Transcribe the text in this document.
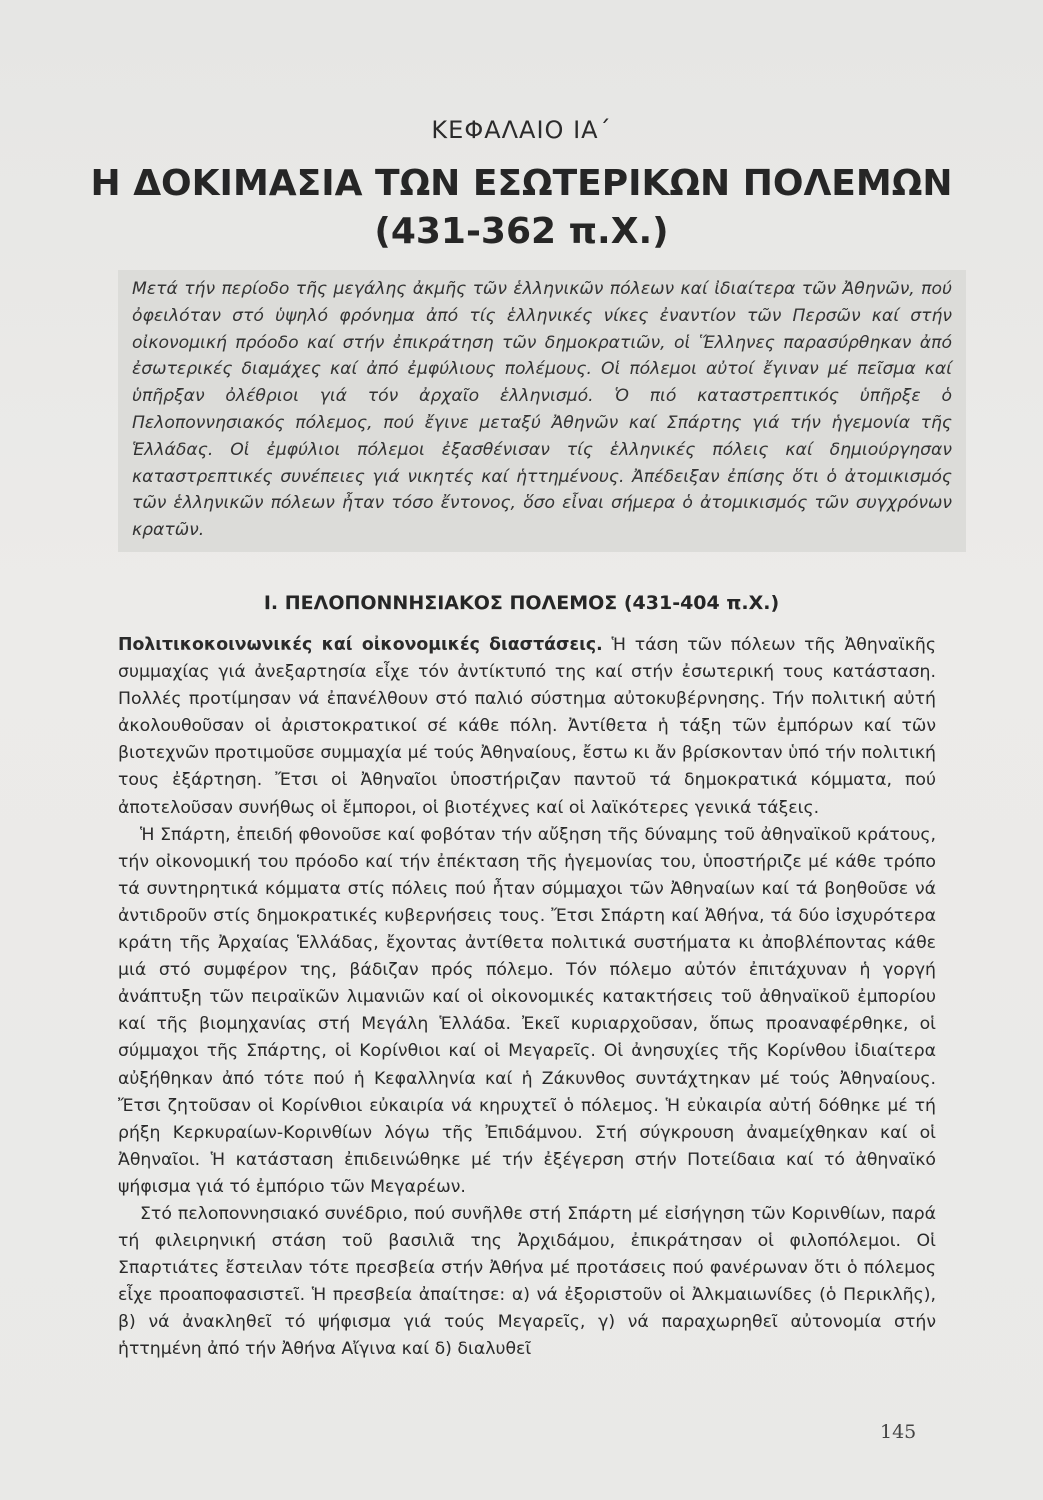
ΚΕΦΑΛΑΙΟ ΙΑ΄
Η ΔΟΚΙΜΑΣΙΑ ΤΩΝ ΕΣΩΤΕΡΙΚΩΝ ΠΟΛΕΜΩΝ
(431-362 π.Χ.)
Μετά τήν περίοδο τῆς μεγάλης ἀκμῆς τῶν ἑλληνικῶν πόλεων καί ἰδιαίτερα τῶν Ἀθηνῶν, πού ὀφειλόταν στό ὑψηλό φρόνημα ἀπό τίς ἑλληνικές νίκες ἐναντίον τῶν Περσῶν καί στήν οἰκονομική πρόοδο καί στήν ἐπικράτηση τῶν δημοκρατιῶν, οἱ Ἕλληνες παρασύρθηκαν ἀπό ἐσωτερικές διαμάχες καί ἀπό ἐμφύλιους πολέμους. Οἱ πόλεμοι αὐτοί ἔγιναν μέ πεῖσμα καί ὑπῆρξαν ὀλέθριοι γιά τόν ἀρχαῖο ἑλληνισμό. Ὁ πιό καταστρεπτικός ὑπῆρξε ὁ Πελοποννησιακός πόλεμος, πού ἔγινε μεταξύ Ἀθηνῶν καί Σπάρτης γιά τήν ἡγεμονία τῆς Ἑλλάδας. Οἱ ἐμφύλιοι πόλεμοι ἐξασθένισαν τίς ἑλληνικές πόλεις καί δημιούργησαν καταστρεπτικές συνέπειες γιά νικητές καί ἡττημένους. Ἀπέδειξαν ἐπίσης ὅτι ὁ ἀτομικισμός τῶν ἑλληνικῶν πόλεων ἦταν τόσο ἔντονος, ὅσο εἶναι σήμερα ὁ ἀτομικισμός τῶν συγχρόνων κρατῶν.
Ι. ΠΕΛΟΠΟΝΝΗΣΙΑΚΟΣ ΠΟΛΕΜΟΣ (431-404 π.Χ.)

Πολιτικοκοινωνικές καί οἰκονομικές διαστάσεις. Ἡ τάση τῶν πόλεων τῆς Ἀθηναϊκῆς συμμαχίας γιά ἀνεξαρτησία εἶχε τόν ἀντίκτυπό της καί στήν ἐσωτερική τους κατάσταση. Πολλές προτίμησαν νά ἐπανέλθουν στό παλιό σύστημα αὐτοκυβέρνησης. Τήν πολιτική αὐτή ἀκολουθοῦσαν οἱ ἀριστοκρατικοί σέ κάθε πόλη. Ἀντίθετα ἡ τάξη τῶν ἐμπόρων καί τῶν βιοτεχνῶν προτιμοῦσε συμμαχία μέ τούς Ἀθηναίους, ἔστω κι ἄν βρίσκονταν ὑπό τήν πολιτική τους ἐξάρτηση. Ἔτσι οἱ Ἀθηναῖοι ὑποστήριζαν παντοῦ τά δημοκρατικά κόμματα, πού ἀποτελοῦσαν συνήθως οἱ ἔμποροι, οἱ βιοτέχνες καί οἱ λαϊκότερες γενικά τάξεις.

Ἡ Σπάρτη, ἐπειδή φθονοῦσε καί φοβόταν τήν αὔξηση τῆς δύναμης τοῦ ἀθηναϊκοῦ κράτους, τήν οἰκονομική του πρόοδο καί τήν ἐπέκταση τῆς ἡγεμονίας του, ὑποστήριζε μέ κάθε τρόπο τά συντηρητικά κόμματα στίς πόλεις πού ἦταν σύμμαχοι τῶν Ἀθηναίων καί τά βοηθοῦσε νά ἀντιδροῦν στίς δημοκρατικές κυβερνήσεις τους. Ἔτσι Σπάρτη καί Ἀθήνα, τά δύο ἰσχυρότερα κράτη τῆς Ἀρχαίας Ἑλλάδας, ἔχοντας ἀντίθετα πολιτικά συστήματα κι ἀποβλέποντας κάθε μιά στό συμφέρον της, βάδιζαν πρός πόλεμο. Τόν πόλεμο αὐτόν ἐπιτάχυναν ἡ γοργή ἀνάπτυξη τῶν πειραϊκῶν λιμανιῶν καί οἱ οἰκονομικές κατακτήσεις τοῦ ἀθηναϊκοῦ ἐμπορίου καί τῆς βιομηχανίας στή Μεγάλη Ἑλλάδα. Ἐκεῖ κυριαρχοῦσαν, ὅπως προαναφέρθηκε, οἱ σύμμαχοι τῆς Σπάρτης, οἱ Κορίνθιοι καί οἱ Μεγαρεῖς. Οἱ ἀνησυχίες τῆς Κορίνθου ἰδιαίτερα αὐξήθηκαν ἀπό τότε πού ἡ Κεφαλληνία καί ἡ Ζάκυνθος συντάχτηκαν μέ τούς Ἀθηναίους. Ἔτσι ζητοῦσαν οἱ Κορίνθιοι εὐκαιρία νά κηρυχτεῖ ὁ πόλεμος. Ἡ εὐκαιρία αὐτή δόθηκε μέ τή ρήξη Κερκυραίων-Κορινθίων λόγω τῆς Ἐπιδάμνου. Στή σύγκρουση ἀναμείχθηκαν καί οἱ Ἀθηναῖοι. Ἡ κατάσταση ἐπιδεινώθηκε μέ τήν ἐξέγερση στήν Ποτείδαια καί τό ἀθηναϊκό ψήφισμα γιά τό ἐμπόριο τῶν Μεγαρέων.

Στό πελοποννησιακό συνέδριο, πού συνῆλθε στή Σπάρτη μέ εἰσήγηση τῶν Κορινθίων, παρά τή φιλειρηνική στάση τοῦ βασιλιᾶ της Ἀρχιδάμου, ἐπικράτησαν οἱ φιλοπόλεμοι. Οἱ Σπαρτιάτες ἔστειλαν τότε πρεσβεία στήν Ἀθήνα μέ προτάσεις πού φανέρωναν ὅτι ὁ πόλεμος εἶχε προαποφασιστεῖ. Ἡ πρεσβεία ἀπαίτησε: α) νά ἐξοριστοῦν οἱ Ἀλκμαιωνίδες (ὁ Περικλῆς), β) νά ἀνακληθεῖ τό ψήφισμα γιά τούς Μεγαρεῖς, γ) νά παραχωρηθεῖ αὐτονομία στήν ἡττημένη ἀπό τήν Ἀθήνα Αἴγινα καί δ) διαλυθεῖ

145
